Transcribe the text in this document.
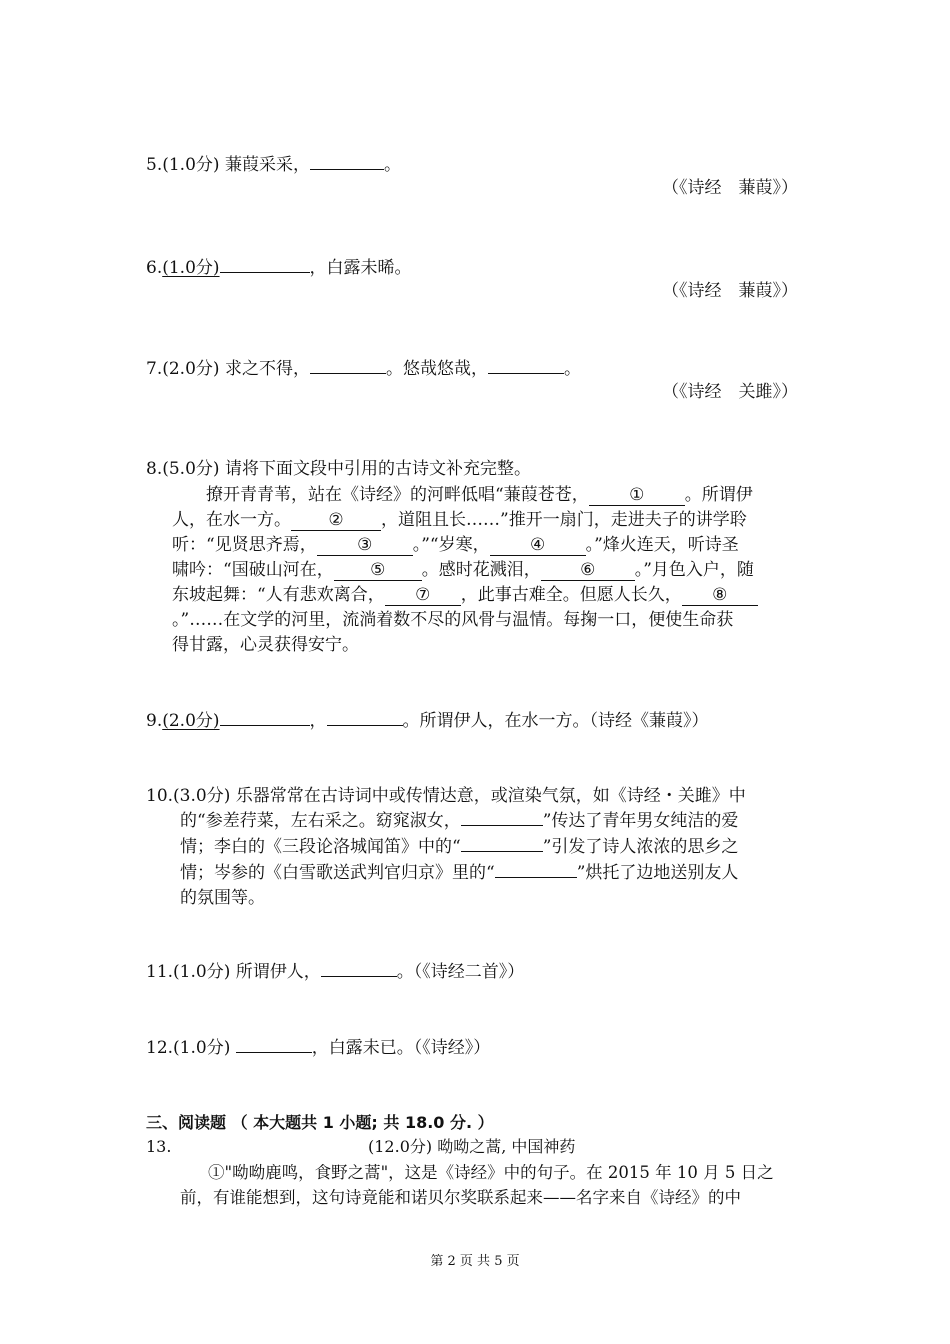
5.(1.0分) 蒹葭采采，	。
（《诗经　蒹葭》）
6.(1.0分)	，白露未晞。
（《诗经　蒹葭》）
7.(2.0分) 求之不得，	。悠哉悠哉，	。
（《诗经　关雎》）
8.(5.0分) 请将下面文段中引用的古诗文补充完整。
　　撩开青青苇，站在《诗经》的河畔低唱“蒹葭苍苍， ① 。所谓伊
人，在水一方。 ② ，道阻且长……”推开一扇门，走进夫子的讲学聆
听：“见贤思齐焉， ③ 。”“岁寒， ④ 。”烽火连天，听诗圣
啸吟：“国破山河在， ⑤ 。感时花溅泪， ⑥ 。”月色入户，随
东坡起舞：“人有悲欢离合， ⑦ ，此事古难全。但愿人长久， ⑧
。”……在文学的河里，流淌着数不尽的风骨与温情。每掬一口，便使生命获
得甘露，心灵获得安宁。
9.(2.0分)	，	。所谓伊人，在水一方。（诗经《蒹葭》）
10.(3.0分) 乐器常常在古诗词中或传情达意，或渲染气氛，如《诗经・关雎》中
的“参差荇菜，左右采之。窈窕淑女，	”传达了青年男女纯洁的爱
情；李白的《三段论洛城闻笛》中的“	”引发了诗人浓浓的思乡之
情；岑参的《白雪歌送武判官归京》里的“	”烘托了边地送别友人
的氛围等。
11.(1.0分) 所谓伊人，	。（《诗经二首》）
12.(1.0分)	，白露未已。（《诗经》）
三、阅读题 （ 本大题共 1 小题; 共 18.0 分. ）
13.	(12.0分) 呦呦之蒿, 中国神药
①"呦呦鹿鸣，食野之蒿"，这是《诗经》中的句子。在 2015 年 10 月 5 日之
前，有谁能想到，这句诗竟能和诺贝尔奖联系起来——名字来自《诗经》的中
第 2 页 共 5 页
